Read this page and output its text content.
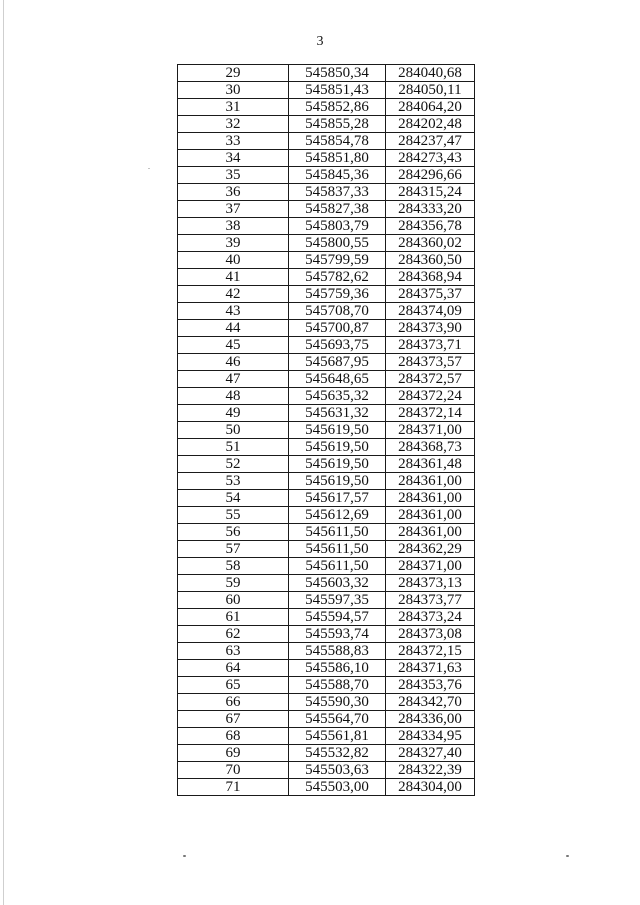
3
29	545850,34	284040,68
30	545851,43	284050,11
31	545852,86	284064,20
32	545855,28	284202,48
33	545854,78	284237,47
34	545851,80	284273,43
35	545845,36	284296,66
36	545837,33	284315,24
37	545827,38	284333,20
38	545803,79	284356,78
39	545800,55	284360,02
40	545799,59	284360,50
41	545782,62	284368,94
42	545759,36	284375,37
43	545708,70	284374,09
44	545700,87	284373,90
45	545693,75	284373,71
46	545687,95	284373,57
47	545648,65	284372,57
48	545635,32	284372,24
49	545631,32	284372,14
50	545619,50	284371,00
51	545619,50	284368,73
52	545619,50	284361,48
53	545619,50	284361,00
54	545617,57	284361,00
55	545612,69	284361,00
56	545611,50	284361,00
57	545611,50	284362,29
58	545611,50	284371,00
59	545603,32	284373,13
60	545597,35	284373,77
61	545594,57	284373,24
62	545593,74	284373,08
63	545588,83	284372,15
64	545586,10	284371,63
65	545588,70	284353,76
66	545590,30	284342,70
67	545564,70	284336,00
68	545561,81	284334,95
69	545532,82	284327,40
70	545503,63	284322,39
71	545503,00	284304,00
